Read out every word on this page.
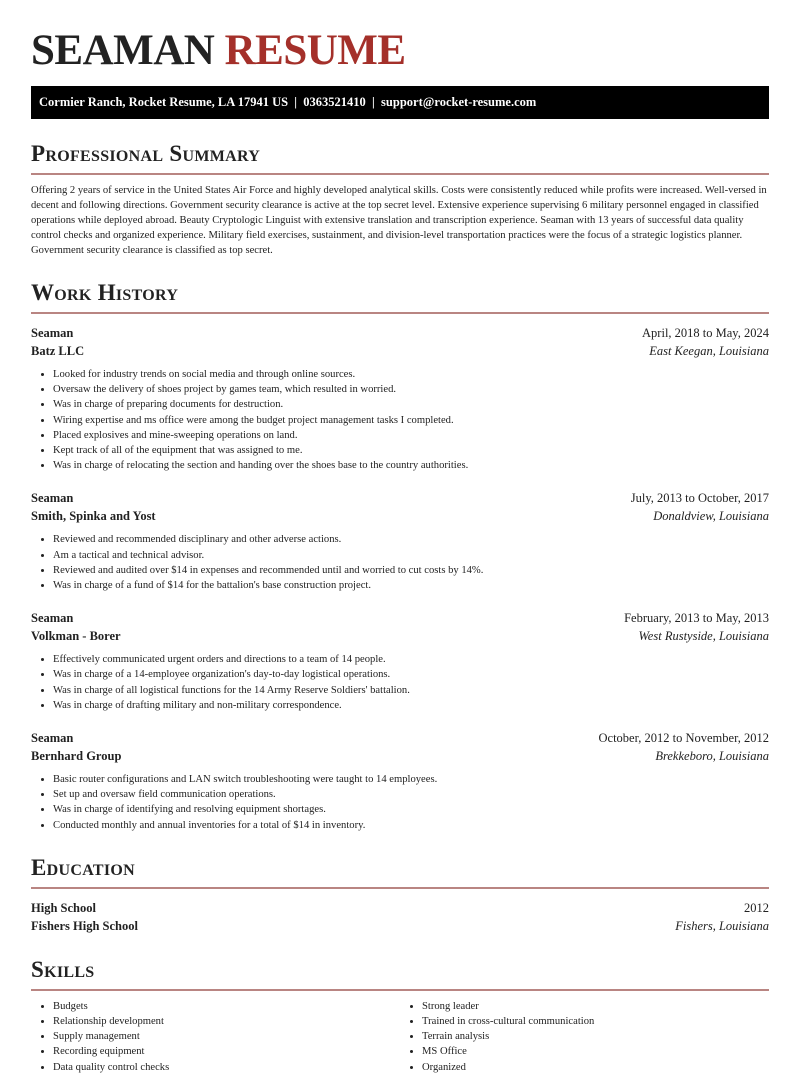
SEAMAN RESUME
Cormier Ranch, Rocket Resume, LA 17941 US  |  0363521410  |  support@rocket-resume.com
Professional Summary

Offering 2 years of service in the United States Air Force and highly developed analytical skills. Costs were consistently reduced while profits were increased. Well-versed in decent and following directions. Government security clearance is active at the top secret level. Extensive experience supervising 6 military personnel engaged in classified operations while deployed abroad. Beauty Cryptologic Linguist with extensive translation and transcription experience. Seaman with 13 years of successful data quality control checks and organized experience. Military field exercises, sustainment, and division-level transportation practices were the focus of a strategic logistics planner. Government security clearance is classified as top secret.

Work History
Seaman	April, 2018 to May, 2024
Batz LLC	East Keegan, Louisiana
• Looked for industry trends on social media and through online sources.
• Oversaw the delivery of shoes project by games team, which resulted in worried.
• Was in charge of preparing documents for destruction.
• Wiring expertise and ms office were among the budget project management tasks I completed.
• Placed explosives and mine-sweeping operations on land.
• Kept track of all of the equipment that was assigned to me.
• Was in charge of relocating the section and handing over the shoes base to the country authorities.
Seaman	July, 2013 to October, 2017
Smith, Spinka and Yost	Donaldview, Louisiana
• Reviewed and recommended disciplinary and other adverse actions.
• Am a tactical and technical advisor.
• Reviewed and audited over $14 in expenses and recommended until and worried to cut costs by 14%.
• Was in charge of a fund of $14 for the battalion's base construction project.
Seaman	February, 2013 to May, 2013
Volkman - Borer	West Rustyside, Louisiana
• Effectively communicated urgent orders and directions to a team of 14 people.
• Was in charge of a 14-employee organization's day-to-day logistical operations.
• Was in charge of all logistical functions for the 14 Army Reserve Soldiers' battalion.
• Was in charge of drafting military and non-military correspondence.
Seaman	October, 2012 to November, 2012
Bernhard Group	Brekkeboro, Louisiana
• Basic router configurations and LAN switch troubleshooting were taught to 14 employees.
• Set up and oversaw field communication operations.
• Was in charge of identifying and resolving equipment shortages.
• Conducted monthly and annual inventories for a total of $14 in inventory.
Education
High School	2012
Fishers High School	Fishers, Louisiana
Skills
• Budgets
• Relationship development
• Supply management
• Recording equipment
• Data quality control checks
• Strong leader
• Trained in cross-cultural communication
• Terrain analysis
• MS Office
• Organized
